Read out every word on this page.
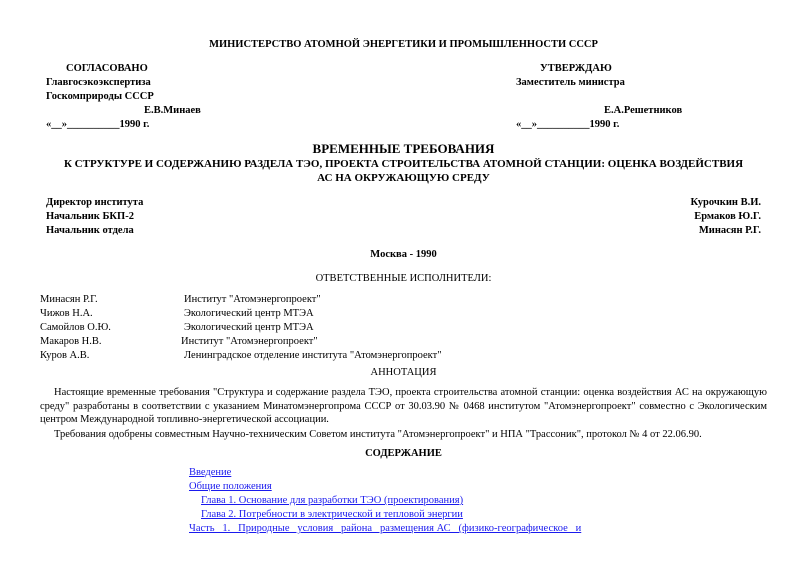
МИНИСТЕРСТВО АТОМНОЙ ЭНЕРГЕТИКИ И ПРОМЫШЛЕННОСТИ СССР
СОГЛАСОВАНО
Главгосэкоэкспертиза
Госкомприроды СССР
Е.В.Минаев
«__»__________1990 г.
УТВЕРЖДАЮ
Заместитель министра
Е.А.Решетников
«__»__________1990 г.
ВРЕМЕННЫЕ ТРЕБОВАНИЯ
К СТРУКТУРЕ И СОДЕРЖАНИЮ РАЗДЕЛА ТЭО, ПРОЕКТА СТРОИТЕЛЬСТВА АТОМНОЙ СТАНЦИИ: ОЦЕНКА ВОЗДЕЙСТВИЯ АС НА ОКРУЖАЮЩУЮ СРЕДУ
Директор института	Курочкин В.И.
Начальник БКП-2	Ермаков Ю.Г.
Начальник отдела	Минасян Р.Г.
Москва - 1990
ОТВЕТСТВЕННЫЕ ИСПОЛНИТЕЛИ:
Минасян Р.Г.	Институт "Атомэнергопроект"
Чижов Н.А.	Экологический центр МТЭА
Самойлов О.Ю.	Экологический центр МТЭА
Макаров Н.В.	Институт "Атомэнергопроект"
Куров А.В.	Ленинградское отделение института "Атомэнергопроект"
АННОТАЦИЯ
Настоящие временные требования "Структура и содержание раздела ТЭО, проекта строительства атомной станции: оценка воздействия АС на окружающую среду" разработаны в соответствии с указанием Минатомэнергопрома СССР от 30.03.90 № 0468 институтом "Атомэнергопроект" совместно с Экологическим центром Международной топливно-энергетической ассоциации.
Требования одобрены совместным Научно-техническим Советом института "Атомэнергопроект" и НПА "Трассоник", протокол № 4 от 22.06.90.
СОДЕРЖАНИЕ
Введение
Общие положения
Глава 1. Основание для разработки ТЭО (проектирования)
Глава 2. Потребности в электрической и тепловой энергии
Часть   1.   Природные   условия   района   размещения АС   (физико-географическое   и
